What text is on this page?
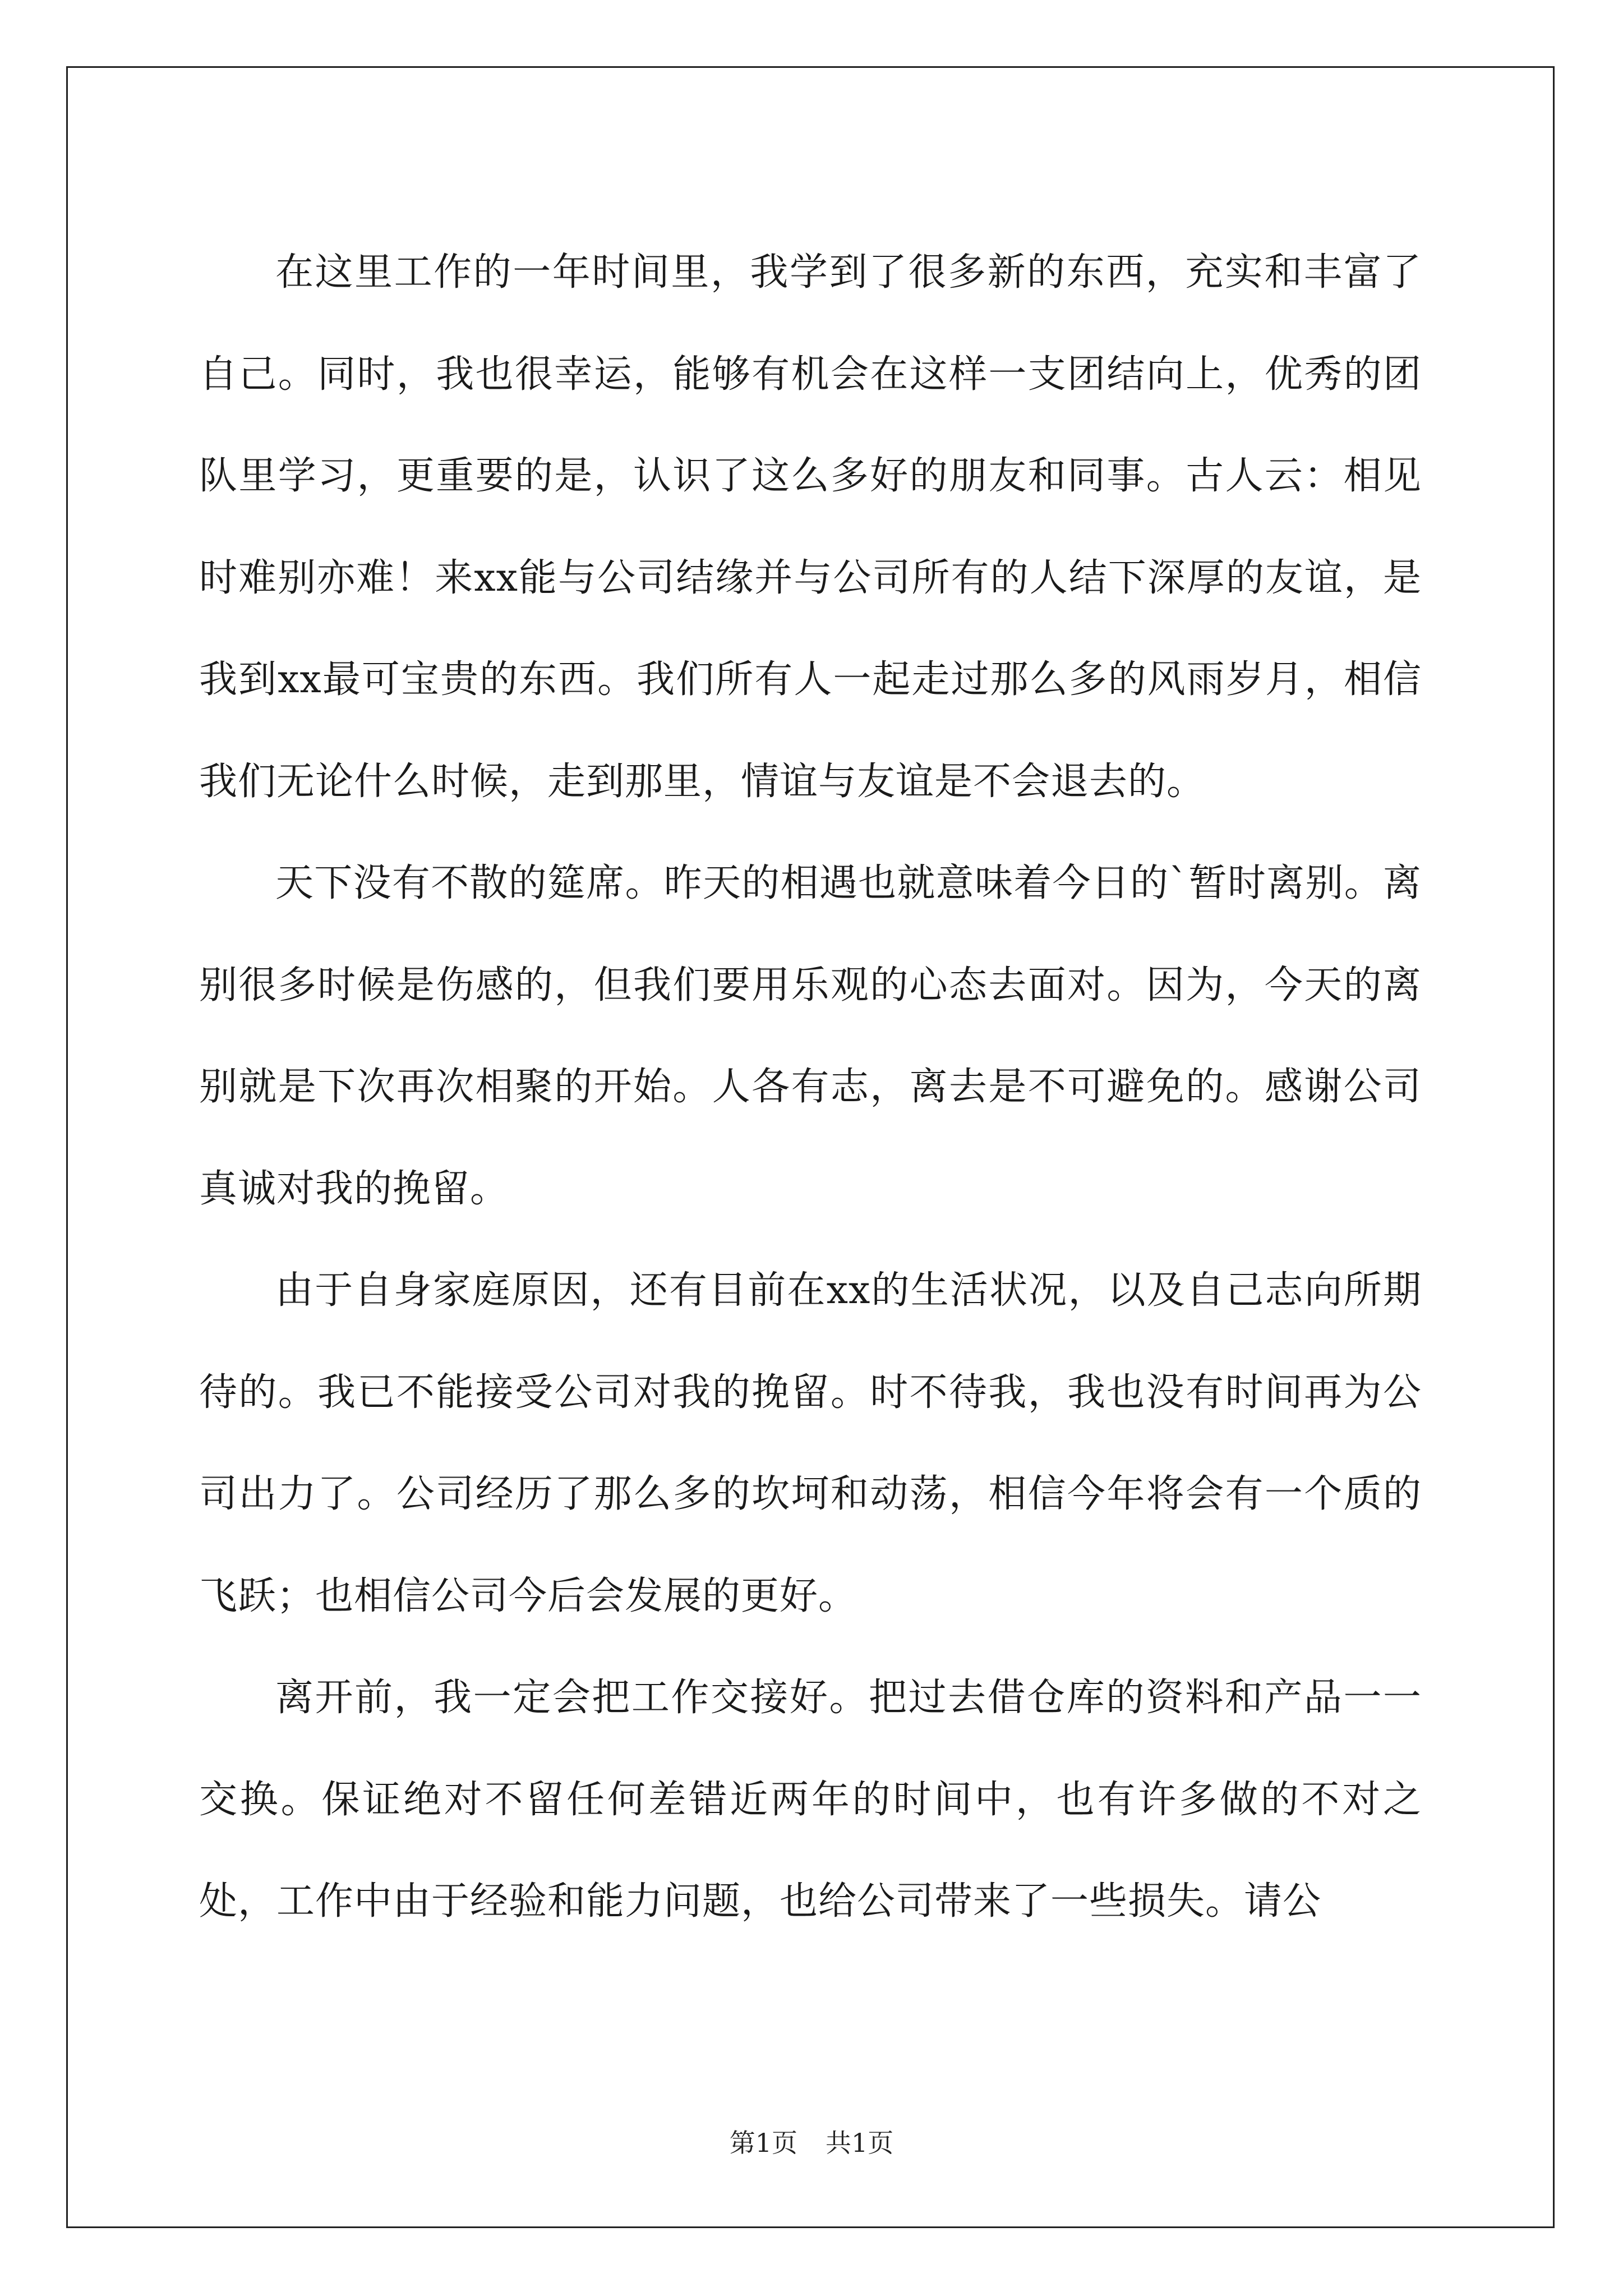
在这里工作的一年时间里，我学到了很多新的东西，充实和丰富了自己。同时，我也很幸运，能够有机会在这样一支团结向上，优秀的团队里学习，更重要的是，认识了这么多好的朋友和同事。古人云：相见时难别亦难！来xx能与公司结缘并与公司所有的人结下深厚的友谊，是我到xx最可宝贵的东西。我们所有人一起走过那么多的风雨岁月，相信我们无论什么时候，走到那里，情谊与友谊是不会退去的。

天下没有不散的筵席。昨天的相遇也就意味着今日的`暂时离别。离别很多时候是伤感的，但我们要用乐观的心态去面对。因为，今天的离别就是下次再次相聚的开始。人各有志，离去是不可避免的。感谢公司真诚对我的挽留。

由于自身家庭原因，还有目前在xx的生活状况，以及自己志向所期待的。我已不能接受公司对我的挽留。时不待我，我也没有时间再为公司出力了。公司经历了那么多的坎坷和动荡，相信今年将会有一个质的飞跃；也相信公司今后会发展的更好。

离开前，我一定会把工作交接好。把过去借仓库的资料和产品一一交换。保证绝对不留任何差错近两年的时间中，也有许多做的不对之处，工作中由于经验和能力问题，也给公司带来了一些损失。请公

第1页 共1页
